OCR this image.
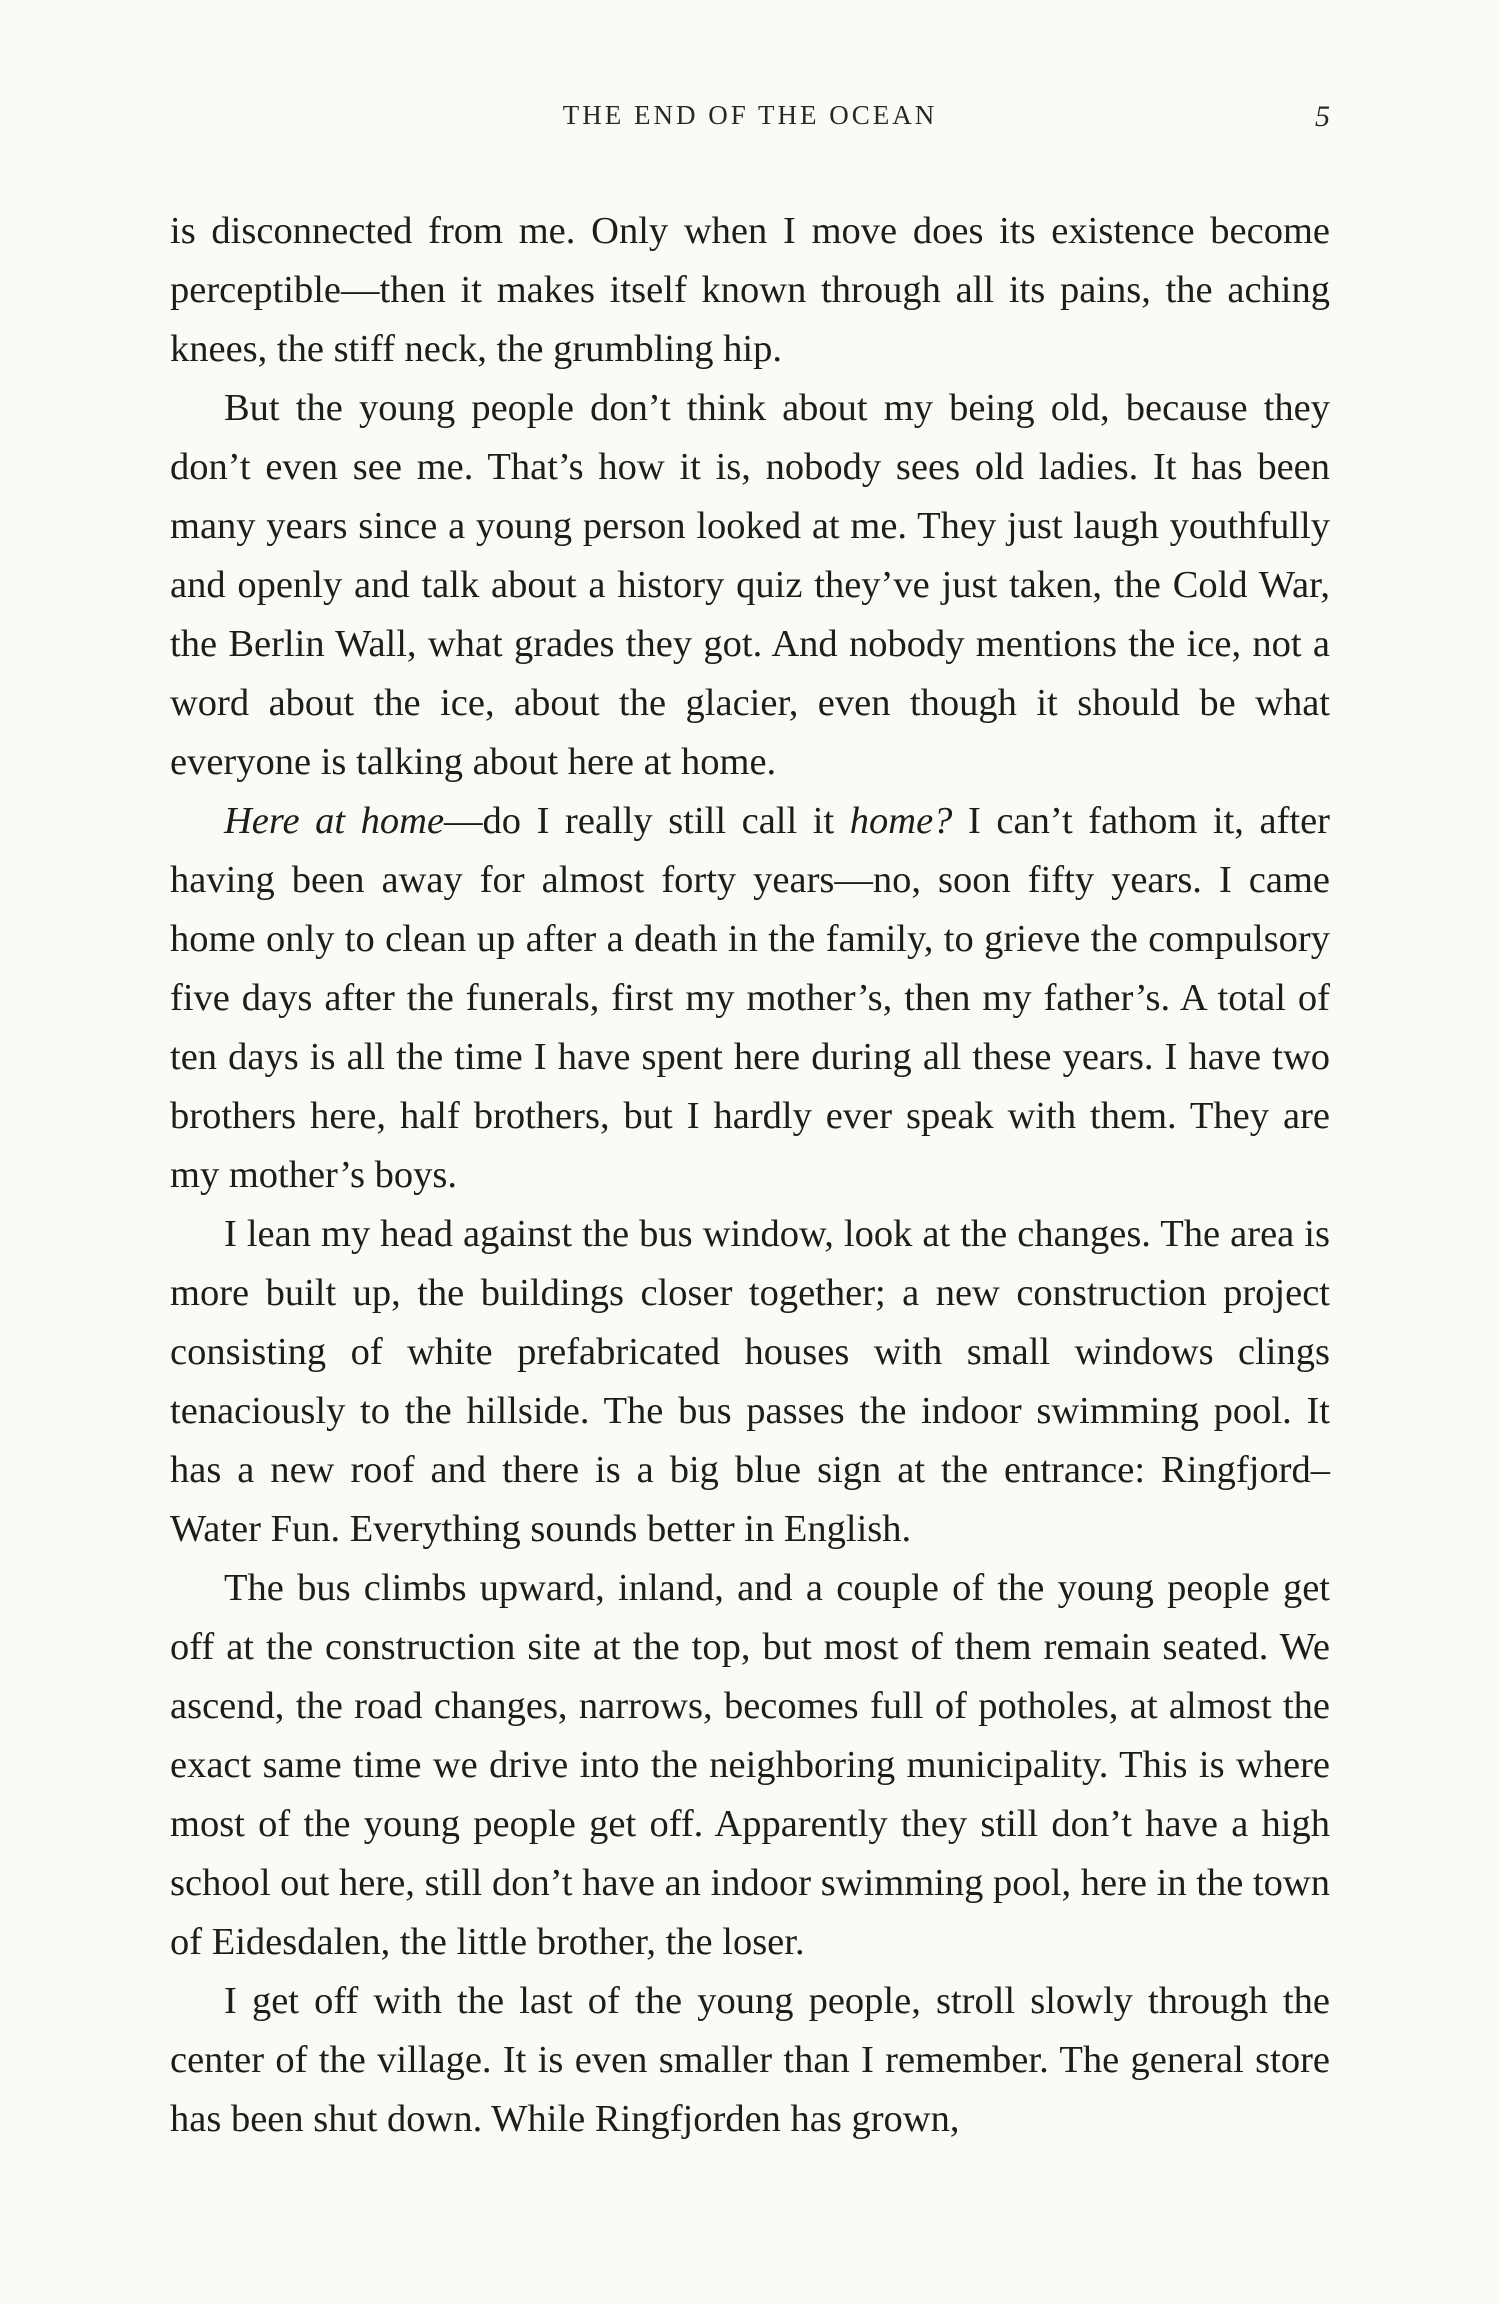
THE END OF THE OCEAN	5

is disconnected from me. Only when I move does its existence become perceptible—then it makes itself known through all its pains, the aching knees, the stiff neck, the grumbling hip.

But the young people don’t think about my being old, because they don’t even see me. That’s how it is, nobody sees old ladies. It has been many years since a young person looked at me. They just laugh youthfully and openly and talk about a history quiz they’ve just taken, the Cold War, the Berlin Wall, what grades they got. And nobody mentions the ice, not a word about the ice, about the glacier, even though it should be what everyone is talking about here at home.

Here at home—do I really still call it home? I can’t fathom it, after having been away for almost forty years—no, soon fifty years. I came home only to clean up after a death in the family, to grieve the compulsory five days after the funerals, first my mother’s, then my father’s. A total of ten days is all the time I have spent here during all these years. I have two brothers here, half brothers, but I hardly ever speak with them. They are my mother’s boys.

I lean my head against the bus window, look at the changes. The area is more built up, the buildings closer together; a new construction project consisting of white prefabricated houses with small windows clings tenaciously to the hillside. The bus passes the indoor swimming pool. It has a new roof and there is a big blue sign at the entrance: Ringfjord–Water Fun. Everything sounds better in English.

The bus climbs upward, inland, and a couple of the young people get off at the construction site at the top, but most of them remain seated. We ascend, the road changes, narrows, becomes full of potholes, at almost the exact same time we drive into the neighboring municipality. This is where most of the young people get off. Apparently they still don’t have a high school out here, still don’t have an indoor swimming pool, here in the town of Eidesdalen, the little brother, the loser.

I get off with the last of the young people, stroll slowly through the center of the village. It is even smaller than I remember. The general store has been shut down. While Ringfjorden has grown,
